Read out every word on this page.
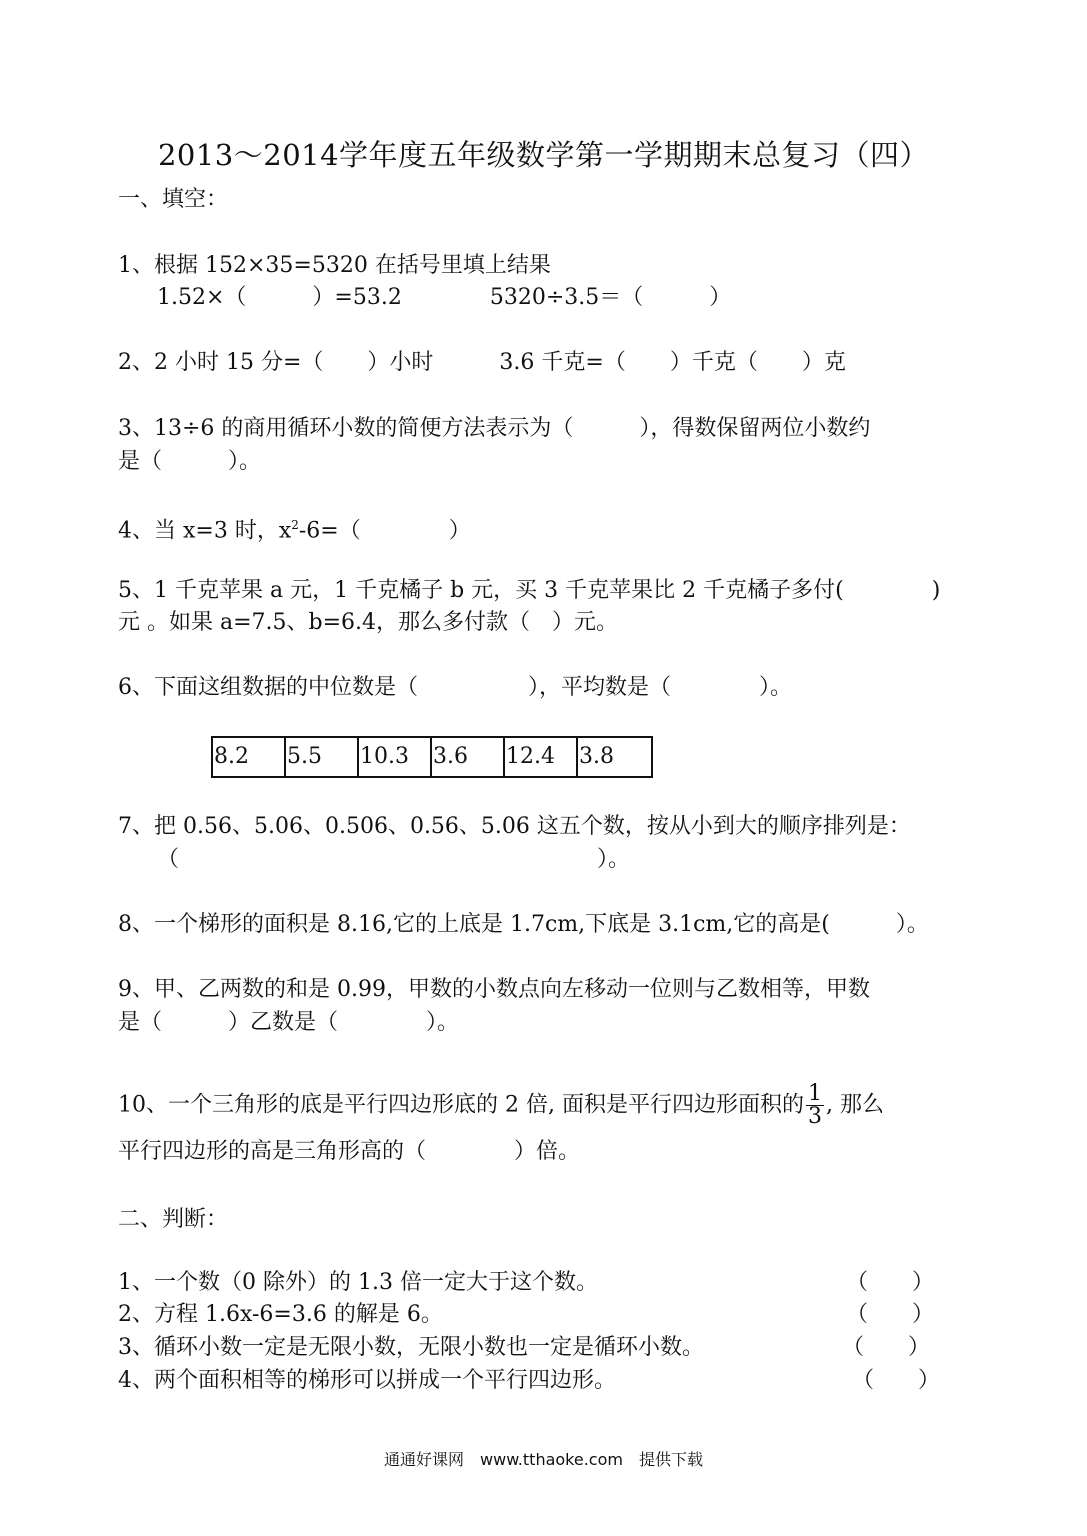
2013～2014学年度五年级数学第一学期期末总复习（四）
一、填空：
1、根据 152×35=5320 在括号里填上结果
1.52×（　　　）=53.2　　　　5320÷3.5＝（　　　）
2、2 小时 15 分=（　　）小时　　　3.6 千克=（　　）千克（　　）克
3、13÷6 的商用循环小数的简便方法表示为（　　　），得数保留两位小数约
是（　　　）。
4、当 x=3 时，$x^2-6=$（　　　　）
5、1 千克苹果 a 元，1 千克橘子 b 元，买 3 千克苹果比 2 千克橘子多付(　　　　)
元 。如果 a=7.5、b=6.4，那么多付款（　）元。
6、下面这组数据的中位数是（　　　　　），平均数是（　　　　）。
8.2	5.5	10.3	3.6	12.4	3.8
7、把 0.56、5.06、0.506、0.56、5.06 这五个数，按从小到大的顺序排列是：
（　　　　　　　　　　　　　　　　　　　）。
8、一个梯形的面积是 8.16,它的上底是 1.7cm,下底是 3.1cm,它的高是(　　　）。
9、甲、乙两数的和是 0.99，甲数的小数点向左移动一位则与乙数相等，甲数
是（　　　）乙数是（　　　　）。
10、一个三角形的底是平行四边形底的 2 倍, 面积是平行四边形面积的 $\frac{1}{3}$ , 那么
平行四边形的高是三角形高的（　　　　）倍。
二、判断：
1、一个数（0 除外）的 1.3 倍一定大于这个数。	（　　）
2、方程 1.6x-6=3.6 的解是 6。	（　　）
3、循环小数一定是无限小数，无限小数也一定是循环小数。	（　　）
4、两个面积相等的梯形可以拼成一个平行四边形。	（　　）
通通好课网　www.tthaoke.com　提供下载
